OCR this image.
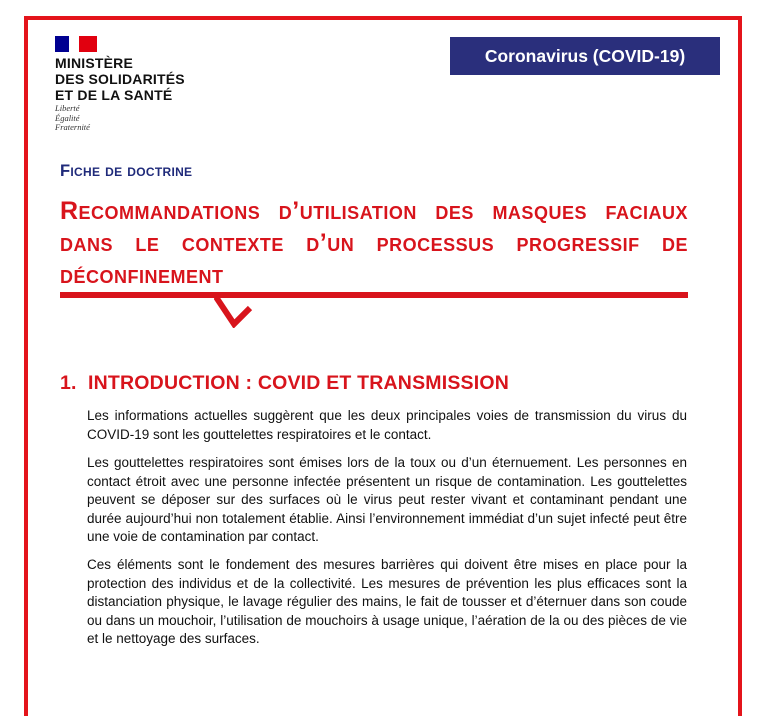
MINISTÈRE
DES SOLIDARITÉS
ET DE LA SANTÉ
Liberté
Égalité
Fraternité
Coronavirus (COVID-19)
Fiche de doctrine
Recommandations d’utilisation des masques faciaux dans le contexte d’un processus progressif de déconfinement
1. INTRODUCTION : COVID ET TRANSMISSION
Les informations actuelles suggèrent que les deux principales voies de transmission du virus du COVID-19 sont les gouttelettes respiratoires et le contact.
Les gouttelettes respiratoires sont émises lors de la toux ou d’un éternuement. Les personnes en contact étroit avec une personne infectée présentent un risque de contamination. Les gouttelettes peuvent se déposer sur des surfaces où le virus peut rester vivant et contaminant pendant une durée aujourd’hui non totalement établie. Ainsi l’environnement immédiat d’un sujet infecté peut être une voie de contamination par contact.
Ces éléments sont le fondement des mesures barrières qui doivent être mises en place pour la protection des individus et de la collectivité. Les mesures de prévention les plus efficaces sont la distanciation physique, le lavage régulier des mains, le fait de tousser et d’éternuer dans son coude ou dans un mouchoir, l’utilisation de mouchoirs à usage unique, l’aération de la ou des pièces de vie et le nettoyage des surfaces.
